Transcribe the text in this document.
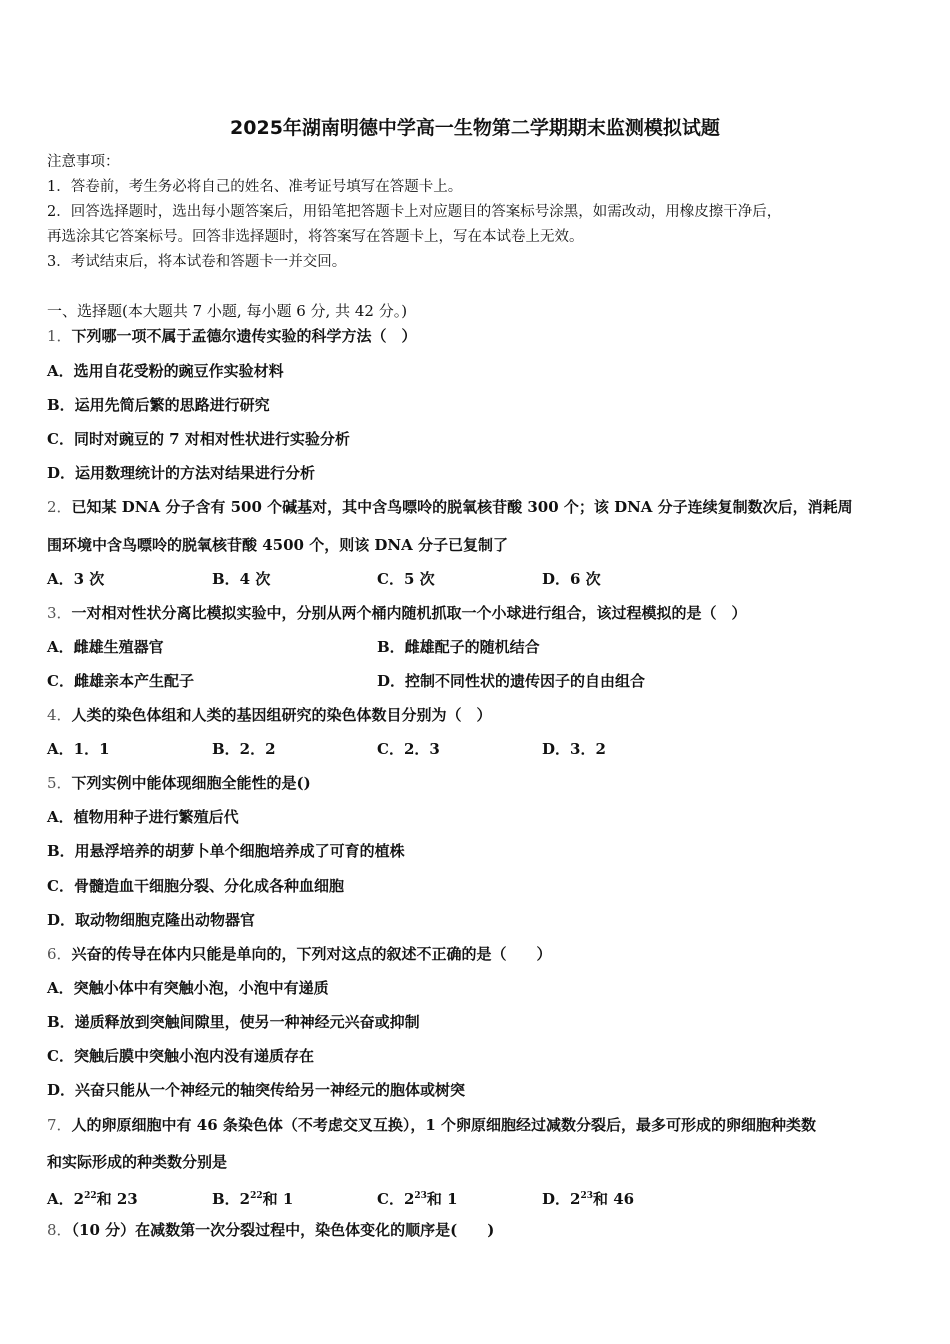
2025年湖南明德中学高一生物第二学期期末监测模拟试题
注意事项：
1．答卷前，考生务必将自己的姓名、准考证号填写在答题卡上。
2．回答选择题时，选出每小题答案后，用铅笔把答题卡上对应题目的答案标号涂黑，如需改动，用橡皮擦干净后，
再选涂其它答案标号。回答非选择题时，将答案写在答题卡上，写在本试卷上无效。
3．考试结束后，将本试卷和答题卡一并交回。
一、选择题(本大题共 7 小题, 每小题 6 分, 共 42 分。)
1．下列哪一项不属于孟德尔遗传实验的科学方法（　）
A．选用自花受粉的豌豆作实验材料
B．运用先简后繁的思路进行研究
C．同时对豌豆的 7 对相对性状进行实验分析
D．运用数理统计的方法对结果进行分析
2．已知某 DNA 分子含有 500 个碱基对，其中含鸟嘌呤的脱氧核苷酸 300 个；该 DNA 分子连续复制数次后，消耗周
围环境中含鸟嘌呤的脱氧核苷酸 4500 个，则该 DNA 分子已复制了
A．3 次	B．4 次	C．5 次	D．6 次
3．一对相对性状分离比模拟实验中，分别从两个桶内随机抓取一个小球进行组合，该过程模拟的是（　）
A．雌雄生殖器官	B．雌雄配子的随机结合
C．雌雄亲本产生配子	D．控制不同性状的遗传因子的自由组合
4．人类的染色体组和人类的基因组研究的染色体数目分别为（　）
A．1．1	B．2．2	C．2．3	D．3．2
5．下列实例中能体现细胞全能性的是()
A．植物用种子进行繁殖后代
B．用悬浮培养的胡萝卜单个细胞培养成了可育的植株
C．骨髓造血干细胞分裂、分化成各种血细胞
D．取动物细胞克隆出动物器官
6．兴奋的传导在体内只能是单向的，下列对这点的叙述不正确的是（　　）
A．突触小体中有突触小泡，小泡中有递质
B．递质释放到突触间隙里，使另一种神经元兴奋或抑制
C．突触后膜中突触小泡内没有递质存在
D．兴奋只能从一个神经元的轴突传给另一神经元的胞体或树突
7．人的卵原细胞中有 46 条染色体（不考虑交叉互换），1 个卵原细胞经过减数分裂后，最多可形成的卵细胞种类数
和实际形成的种类数分别是
A．$2^{22}$和 23	B．$2^{22}$和 1	C．$2^{23}$和 1	D．$2^{23}$和 46
8．（10 分）在减数第一次分裂过程中，染色体变化的顺序是(　　)
